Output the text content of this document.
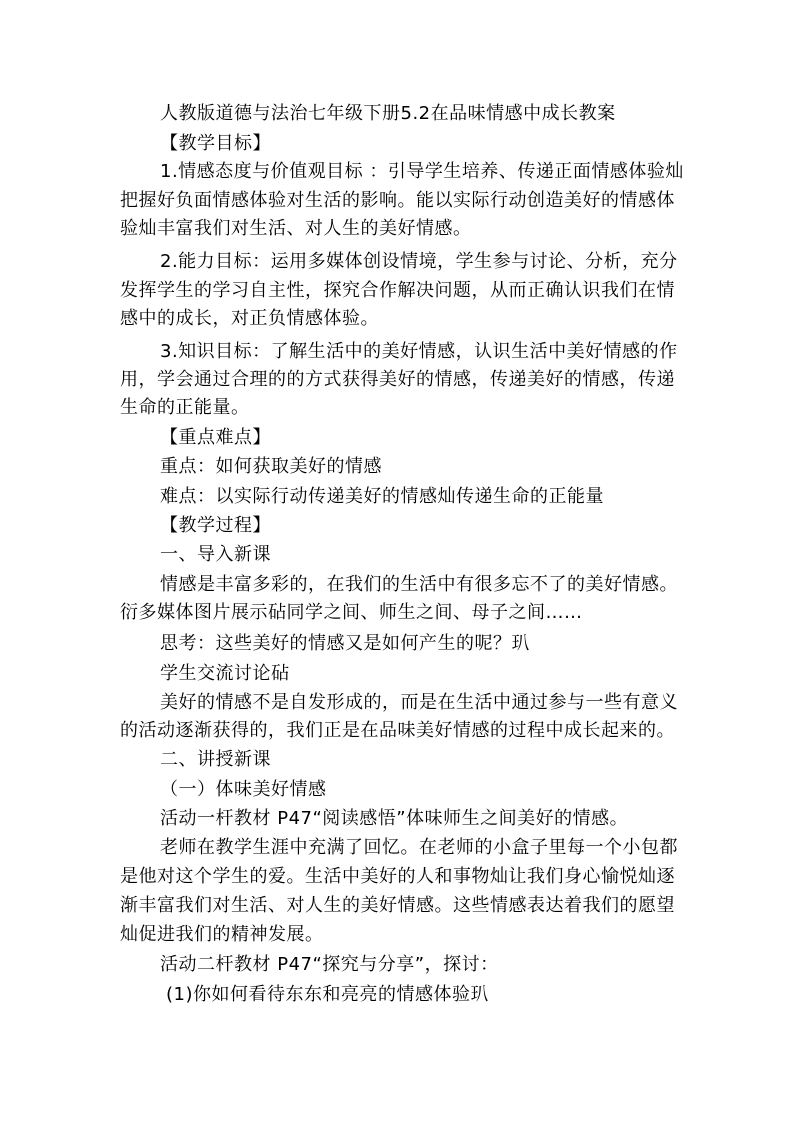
人教版道德与法治七年级下册5.2在品味情感中成长教案
【教学目标】
1.情感态度与价值观目标 ：引导学生培养、传递正面情感体验灿
把握好负面情感体验对生活的影响。能以实际行动创造美好的情感体
验灿丰富我们对生活、对人生的美好情感。
2.能力目标：运用多媒体创设情境，学生参与讨论、分析，充分
发挥学生的学习自主性，探究合作解决问题，从而正确认识我们在情
感中的成长，对正负情感体验。
3.知识目标：了解生活中的美好情感，认识生活中美好情感的作
用，学会通过合理的的方式获得美好的情感，传递美好的情感，传递
生命的正能量。
【重点难点】
重点：如何获取美好的情感
难点：以实际行动传递美好的情感灿传递生命的正能量
【教学过程】
一、导入新课
情感是丰富多彩的，在我们的生活中有很多忘不了的美好情感。
衍多媒体图片展示砧同学之间、师生之间、母子之间……
思考：这些美好的情感又是如何产生的呢？玐
学生交流讨论砧
美好的情感不是自发形成的，而是在生活中通过参与一些有意义
的活动逐渐获得的，我们正是在品味美好情感的过程中成长起来的。
二、讲授新课
（一）体味美好情感
活动一杆教材 P47“阅读感悟”体味师生之间美好的情感。
老师在教学生涯中充满了回忆。在老师的小盒子里每一个小包都
是他对这个学生的爱。生活中美好的人和事物灿让我们身心愉悦灿逐
渐丰富我们对生活、对人生的美好情感。这些情感表达着我们的愿望
灿促进我们的精神发展。
活动二杆教材 P47“探究与分享”，探讨：
(1)你如何看待东东和亮亮的情感体验玐
